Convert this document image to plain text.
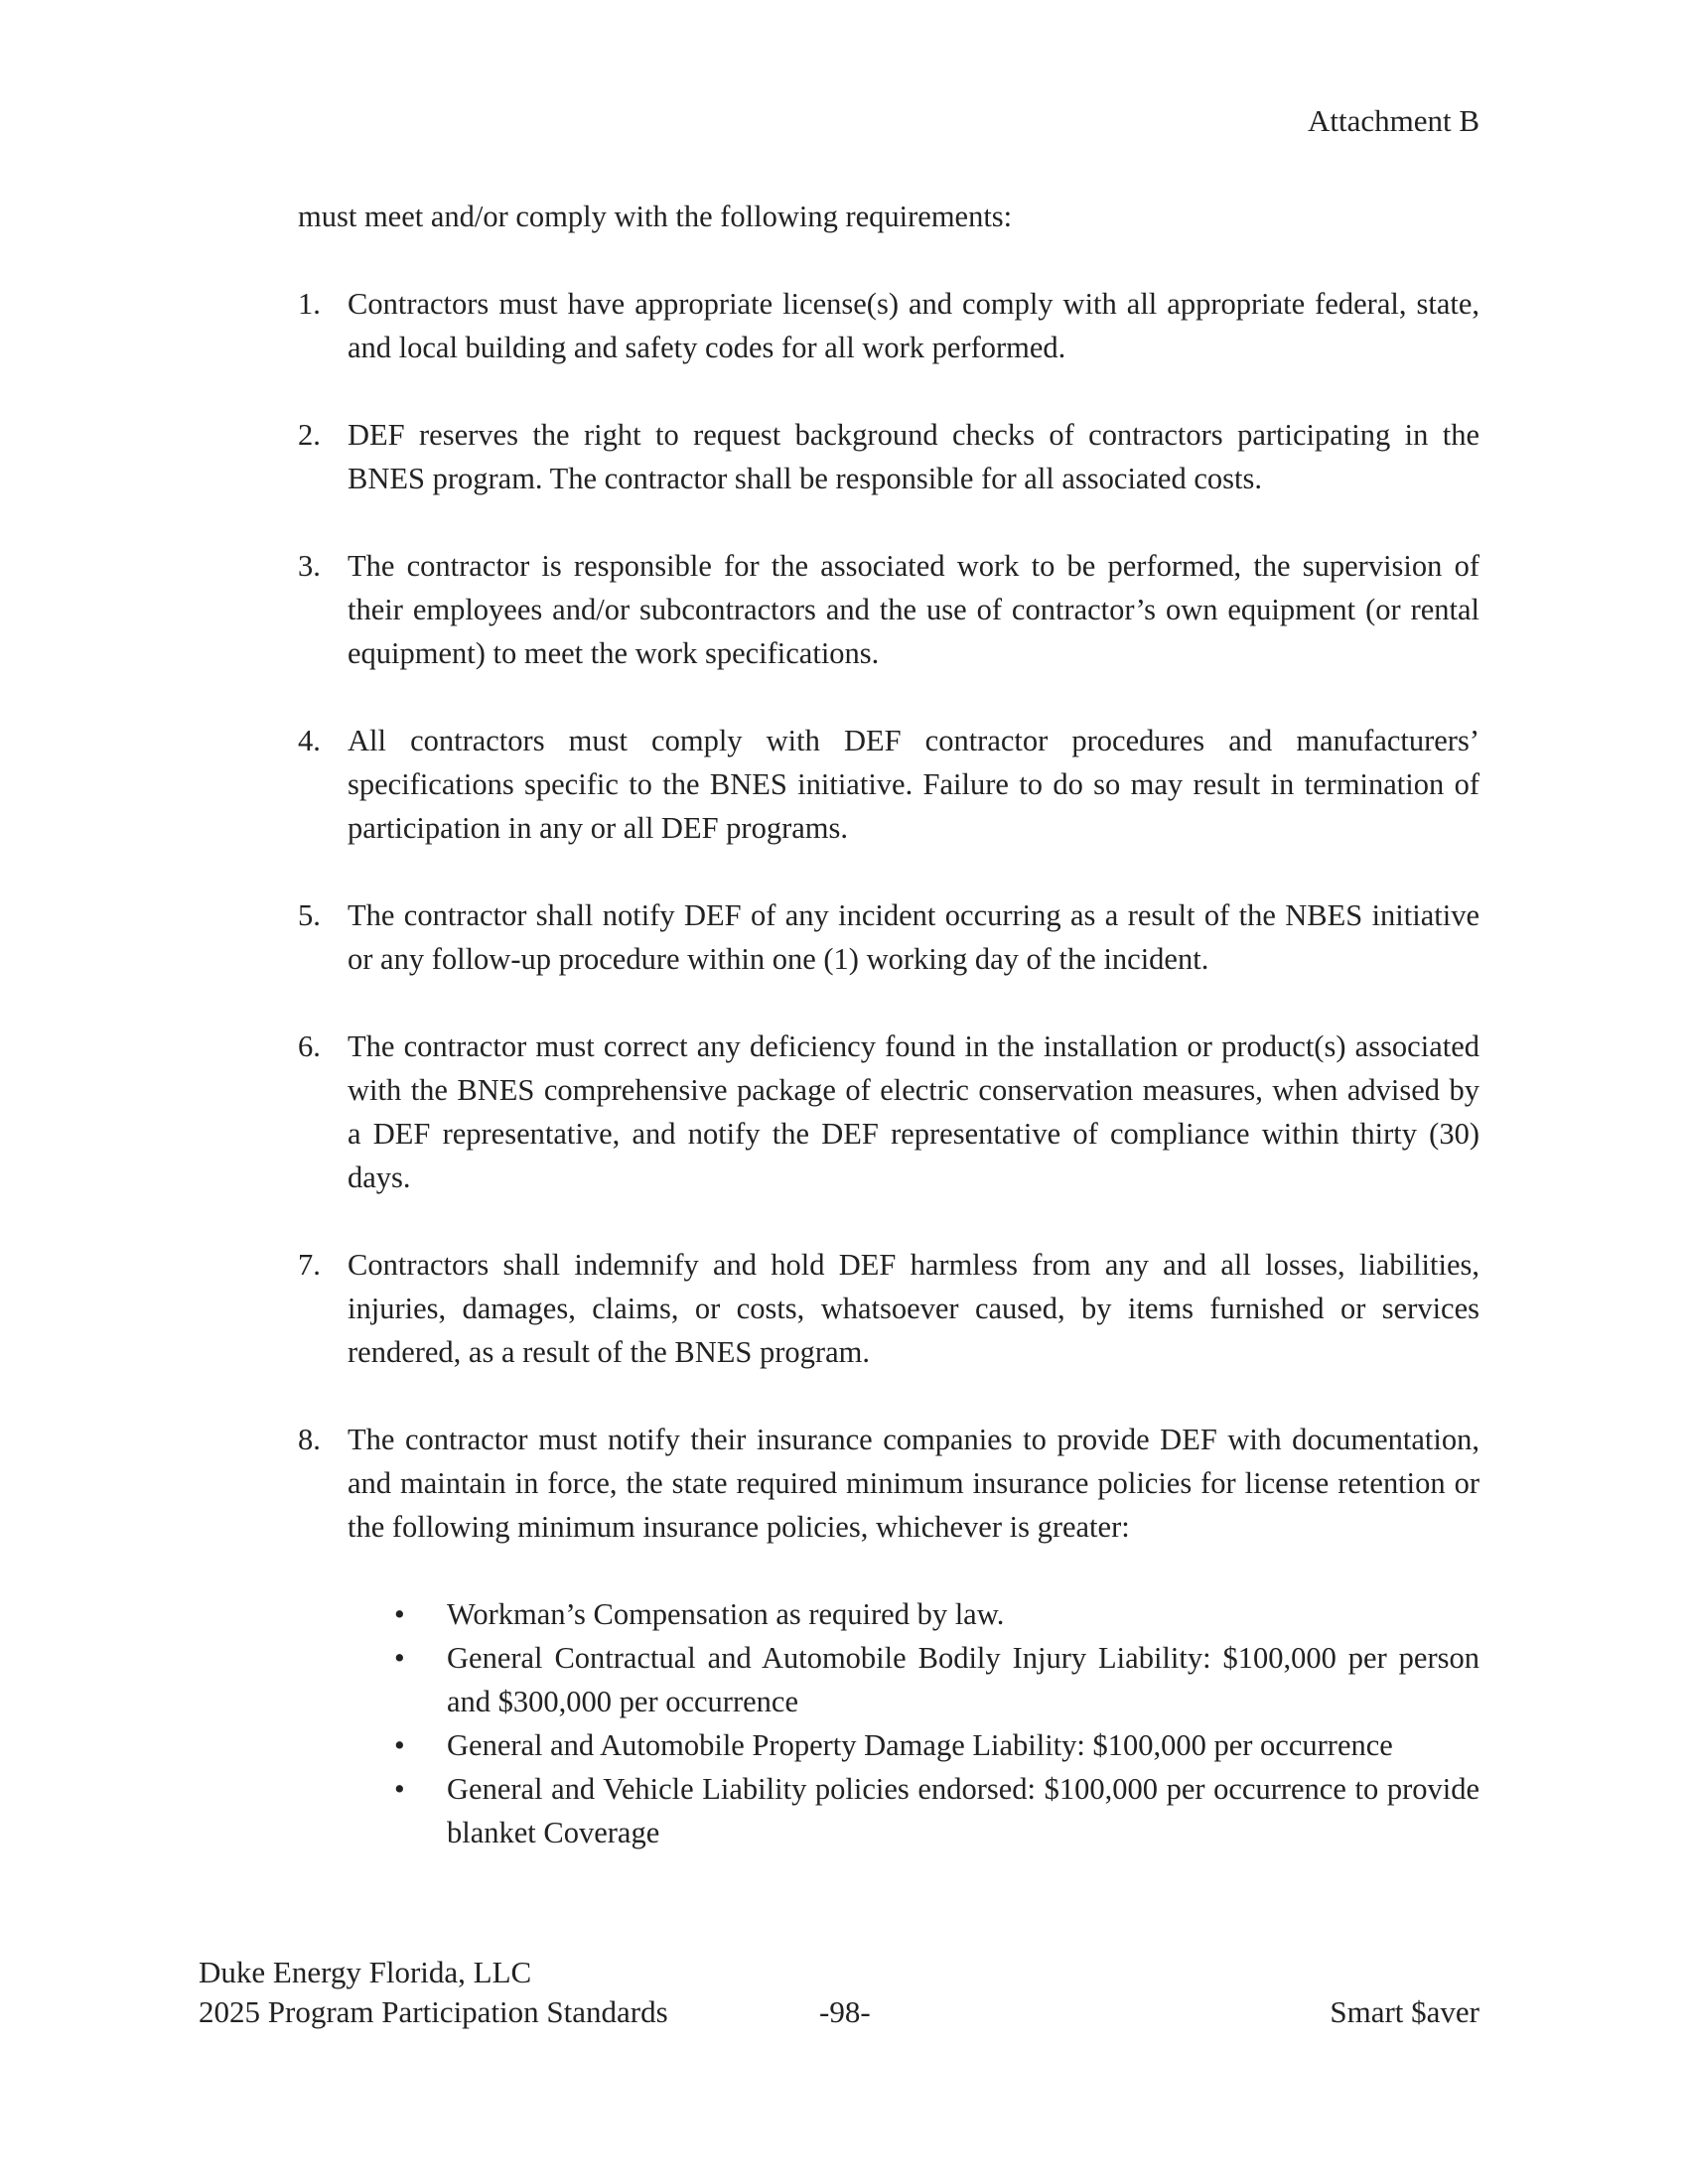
Attachment B

must meet and/or comply with the following requirements:

1. Contractors must have appropriate license(s) and comply with all appropriate federal, state, and local building and safety codes for all work performed.
2. DEF reserves the right to request background checks of contractors participating in the BNES program. The contractor shall be responsible for all associated costs.
3. The contractor is responsible for the associated work to be performed, the supervision of their employees and/or subcontractors and the use of contractor’s own equipment (or rental equipment) to meet the work specifications.
4. All contractors must comply with DEF contractor procedures and manufacturers’ specifications specific to the BNES initiative. Failure to do so may result in termination of participation in any or all DEF programs.
5. The contractor shall notify DEF of any incident occurring as a result of the NBES initiative or any follow-up procedure within one (1) working day of the incident.
6. The contractor must correct any deficiency found in the installation or product(s) associated with the BNES comprehensive package of electric conservation measures, when advised by a DEF representative, and notify the DEF representative of compliance within thirty (30) days.
7. Contractors shall indemnify and hold DEF harmless from any and all losses, liabilities, injuries, damages, claims, or costs, whatsoever caused, by items furnished or services rendered, as a result of the BNES program.
8. The contractor must notify their insurance companies to provide DEF with documentation, and maintain in force, the state required minimum insurance policies for license retention or the following minimum insurance policies, whichever is greater:
• Workman’s Compensation as required by law.
• General Contractual and Automobile Bodily Injury Liability: $100,000 per person and $300,000 per occurrence
• General and Automobile Property Damage Liability: $100,000 per occurrence
• General and Vehicle Liability policies endorsed: $100,000 per occurrence to provide blanket Coverage
Duke Energy Florida, LLC
2025 Program Participation Standards	-98-	Smart $aver
